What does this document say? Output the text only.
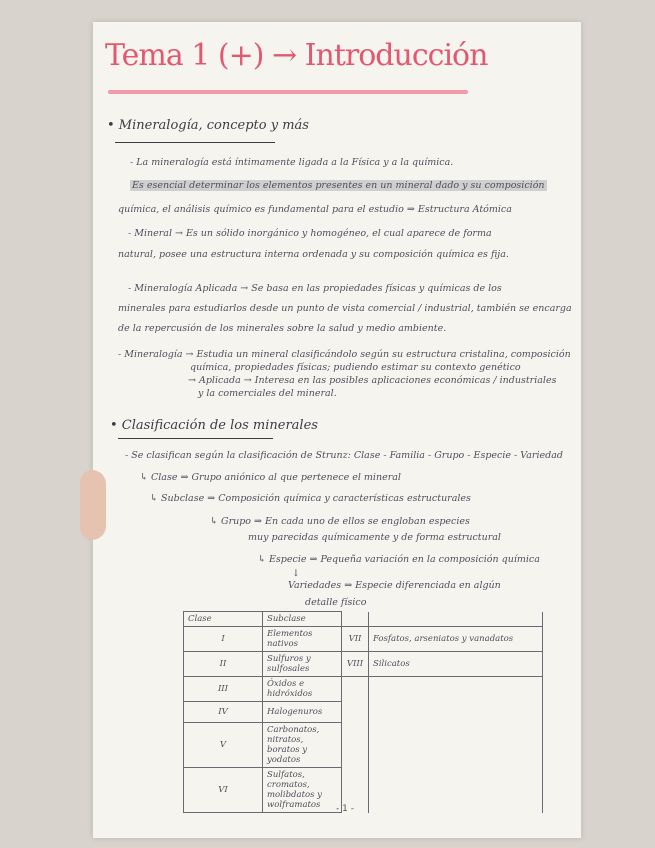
Tema 1 (+) → Introducción
• Mineralogía, concepto y más
- La mineralogía está íntimamente ligada a la Física y a la química.
Es esencial determinar los elementos presentes en un mineral dado y su composición
química, el análisis químico es fundamental para el estudio ⇒ Estructura Atómica
- Mineral → Es un sólido inorgánico y homogéneo, el cual aparece de forma
natural, posee una estructura interna ordenada y su composición química es fija.
- Mineralogía Aplicada → Se basa en las propiedades físicas y químicas de los
minerales para estudiarlos desde un punto de vista comercial / industrial, también se encarga
de la repercusión de los minerales sobre la salud y medio ambiente.
- Mineralogía → Estudia un mineral clasificándolo según su estructura cristalina, composición
química, propiedades físicas; pudiendo estimar su contexto genético
→ Aplicada → Interesa en las posibles aplicaciones económicas / industriales
y la comerciales del mineral.
• Clasificación de los minerales
- Se clasifican según la clasificación de Strunz: Clase - Familia - Grupo - Especie - Variedad
↳ Clase ⇒ Grupo aniónico al que pertenece el mineral
↳ Subclase ⇒ Composición química y características estructurales
↳ Grupo ⇒ En cada uno de ellos se engloban especies
muy parecidas químicamente y de forma estructural
↳ Especie ⇒ Pequeña variación en la composición química
↓
Variedades ⇒ Especie diferenciada en algún
detalle físico
Clase	Subclase		
I	Elementos nativos	VII	Fosfatos, arseniatos y vanadatos
II	Sulfuros y sulfosales	VIII	Silicatos
III	Óxidos e hidróxidos		
IV	Halogenuros		
V	Carbonatos, nitratos, boratos y yodatos		
VI	Sulfatos, cromatos, molibdatos y wolframatos		- 1 -
